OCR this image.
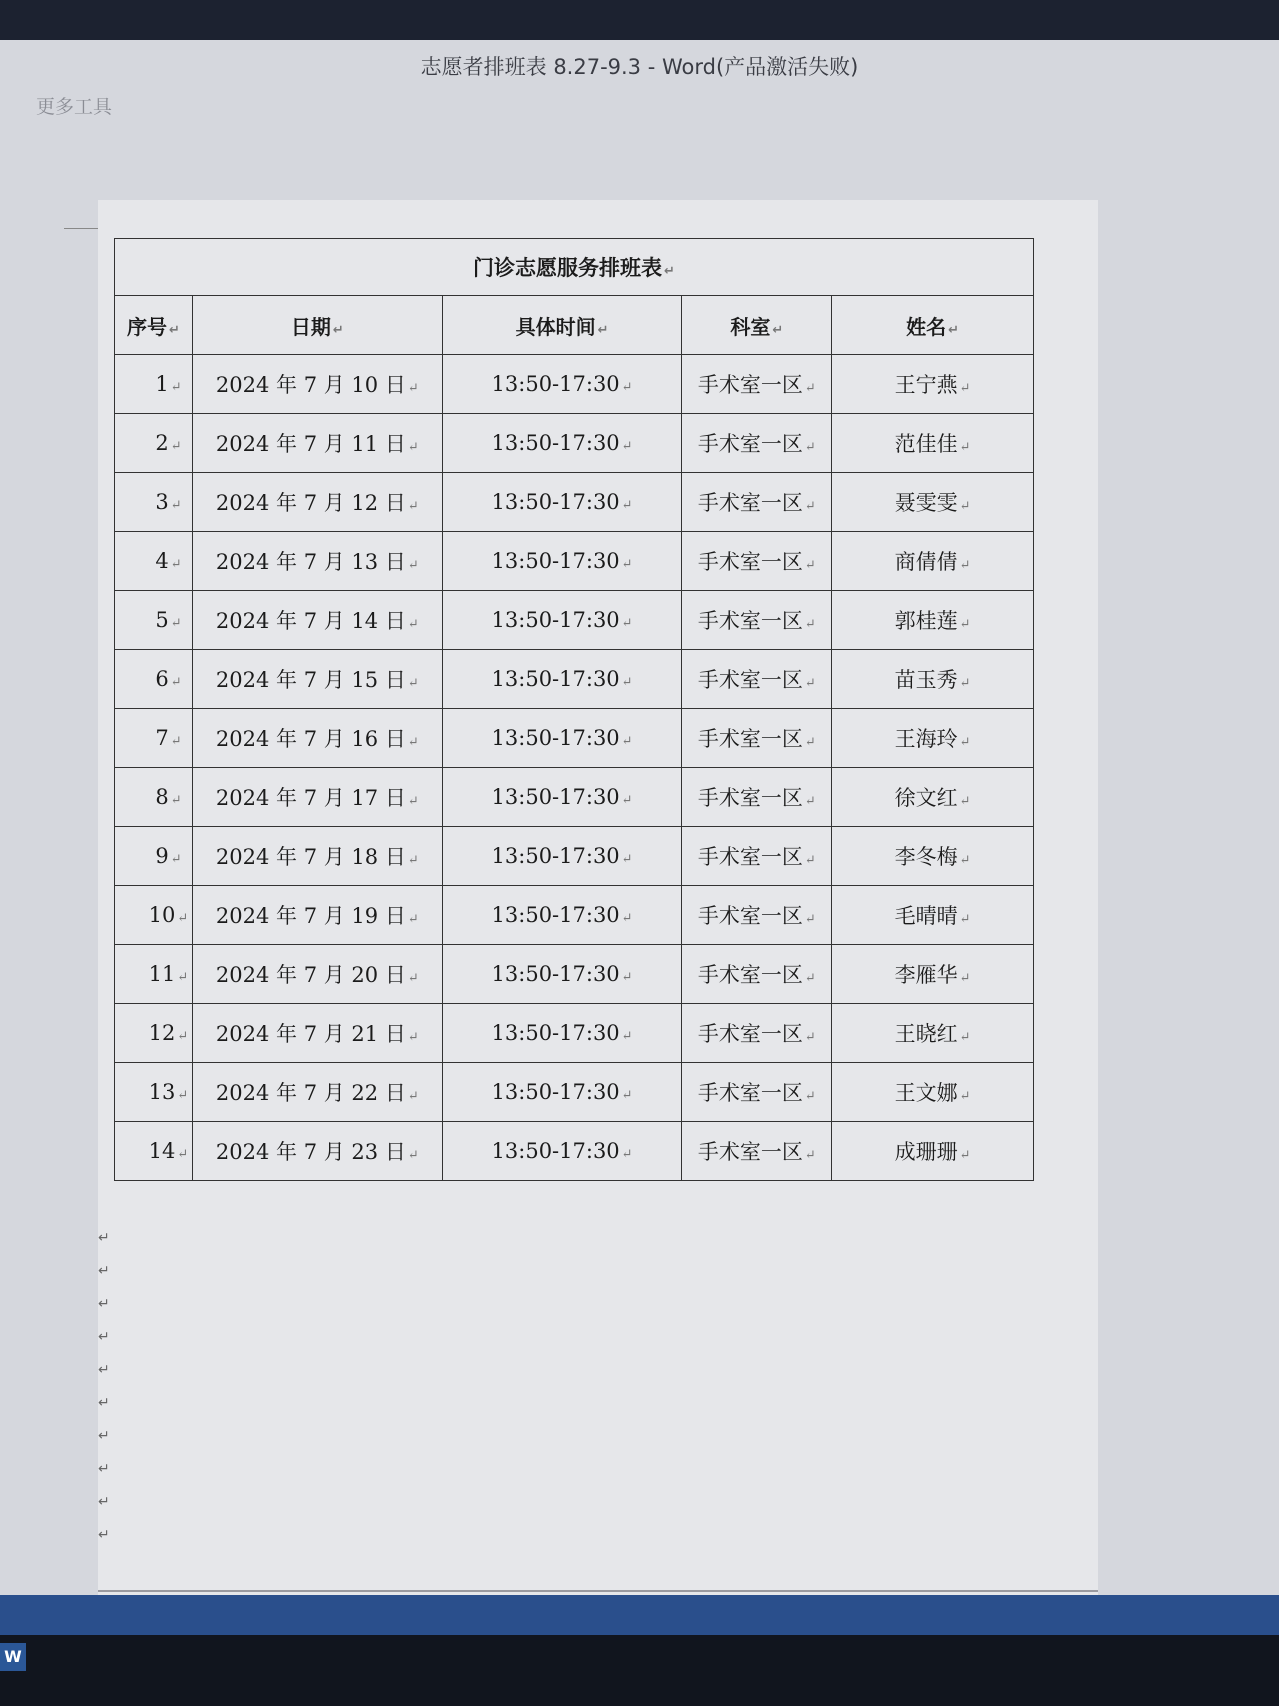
志愿者排班表 8.27-9.3 - Word(产品激活失败)
更多工具
门诊志愿服务排班表 ↵				
序号 ↵	日期 ↵	具体时间 ↵	科室 ↵	姓名 ↵
1 ↵	2024 年 7 月 10 日 ↵	13:50-17:30 ↵	手术室一区 ↵	王宁燕 ↵
2 ↵	2024 年 7 月 11 日 ↵	13:50-17:30 ↵	手术室一区 ↵	范佳佳 ↵
3 ↵	2024 年 7 月 12 日 ↵	13:50-17:30 ↵	手术室一区 ↵	聂雯雯 ↵
4 ↵	2024 年 7 月 13 日 ↵	13:50-17:30 ↵	手术室一区 ↵	商倩倩 ↵
5 ↵	2024 年 7 月 14 日 ↵	13:50-17:30 ↵	手术室一区 ↵	郭桂莲 ↵
6 ↵	2024 年 7 月 15 日 ↵	13:50-17:30 ↵	手术室一区 ↵	苗玉秀 ↵
7 ↵	2024 年 7 月 16 日 ↵	13:50-17:30 ↵	手术室一区 ↵	王海玲 ↵
8 ↵	2024 年 7 月 17 日 ↵	13:50-17:30 ↵	手术室一区 ↵	徐文红 ↵
9 ↵	2024 年 7 月 18 日 ↵	13:50-17:30 ↵	手术室一区 ↵	李冬梅 ↵
10 ↵	2024 年 7 月 19 日 ↵	13:50-17:30 ↵	手术室一区 ↵	毛晴晴 ↵
11 ↵	2024 年 7 月 20 日 ↵	13:50-17:30 ↵	手术室一区 ↵	李雁华 ↵
12 ↵	2024 年 7 月 21 日 ↵	13:50-17:30 ↵	手术室一区 ↵	王晓红 ↵
13 ↵	2024 年 7 月 22 日 ↵	13:50-17:30 ↵	手术室一区 ↵	王文娜 ↵
14 ↵	2024 年 7 月 23 日 ↵	13:50-17:30 ↵	手术室一区 ↵	成珊珊 ↵
↵
↵
↵
↵
↵
↵
↵
↵
↵
↵
W
